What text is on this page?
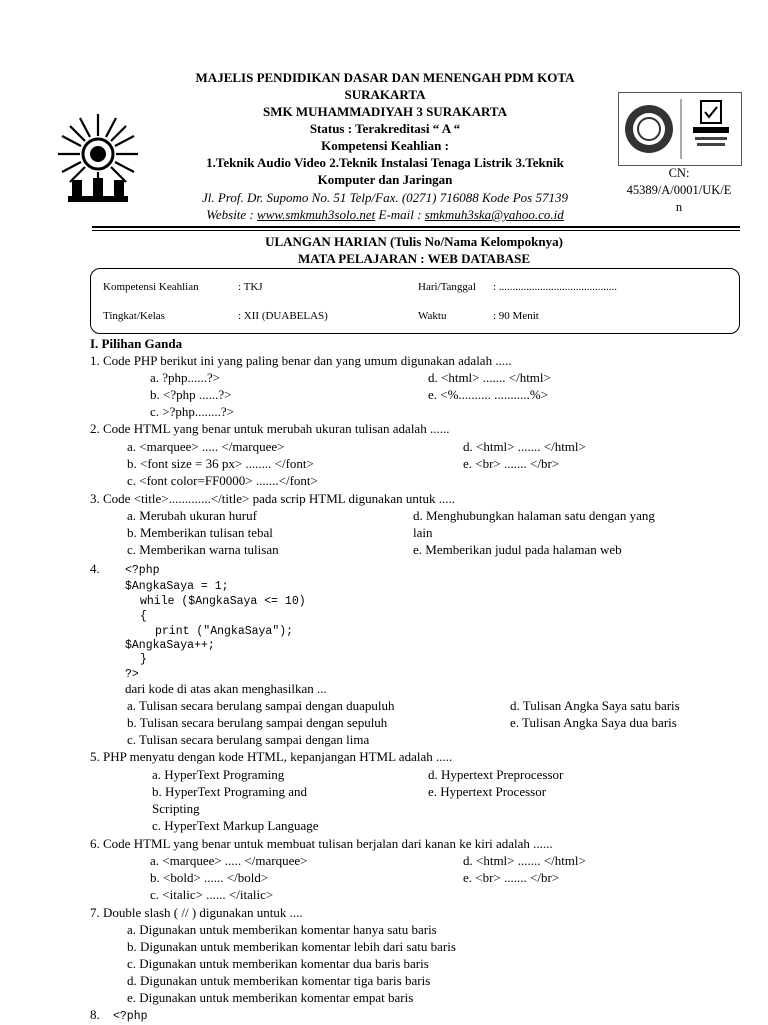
MAJELIS PENDIDIKAN DASAR DAN MENENGAH PDM KOTA
SURAKARTA
SMK MUHAMMADIYAH 3 SURAKARTA
Status : Terakreditasi “ A “
Kompetensi Keahlian :
1.Teknik Audio Video 2.Teknik Instalasi Tenaga Listrik 3.Teknik
Komputer dan Jaringan
Jl. Prof. Dr. Supomo No. 51 Telp/Fax. (0271) 716088 Kode Pos 57139
Website : www.smkmuh3solo.net E-mail : smkmuh3ska@yahoo.co.id
CN:
45389/A/0001/UK/E
n
ULANGAN HARIAN (Tulis No/Nama Kelompoknya)
MATA PELAJARAN : WEB DATABASE
Kompetensi Keahlian	: TKJ	Hari/Tanggal : ...........................................
Tingkat/Kelas	: XII (DUABELAS)	Waktu	: 90 Menit
I. Pilihan Ganda
1. Code PHP berikut ini yang paling benar dan yang umum digunakan adalah .....
a. ?php......?>	d. <html> ....... </html>
b. <?php ......?>	e. <%.......... ...........%>
c. >?php........?>
2. Code HTML yang benar untuk merubah ukuran tulisan adalah ......
a. <marquee> ..... </marquee>	d. <html> ....... </html>
b. <font size = 36 px> ........ </font>	e. <br> ....... </br>
c. <font color=FF0000> .......</font>
3. Code <title>.............</title> pada scrip HTML digunakan untuk .....
a. Merubah ukuran huruf	d. Menghubungkan halaman satu dengan yang
lain
b. Memberikan tulisan tebal
c. Memberikan warna tulisan	e. Memberikan judul pada halaman web
4. <?php
$AngkaSaya = 1;
while ($AngkaSaya <= 10)
{
print ("AngkaSaya");
$AngkaSaya++;
}
?>
dari kode di atas akan menghasilkan ...
a. Tulisan secara berulang sampai dengan duapuluh	d. Tulisan Angka Saya satu baris
b. Tulisan secara berulang sampai dengan sepuluh	e. Tulisan Angka Saya dua baris
c. Tulisan secara berulang sampai dengan lima
5. PHP menyatu dengan kode HTML, kepanjangan HTML adalah .....
a. HyperText Programing	d. Hypertext Preprocessor
b. HyperText Programing and	e. Hypertext Processor
Scripting
c. HyperText Markup Language
6. Code HTML yang benar untuk membuat tulisan berjalan dari kanan ke kiri adalah ......
a. <marquee> ..... </marquee>	d. <html> ....... </html>
b. <bold> ...... </bold>	e. <br> ....... </br>
c. <italic> ...... </italic>
7. Double slash ( // ) digunakan untuk ....
a. Digunakan untuk memberikan komentar hanya satu baris
b. Digunakan untuk memberikan komentar lebih dari satu baris
c. Digunakan untuk memberikan komentar dua baris baris
d. Digunakan untuk memberikan komentar tiga baris baris
e. Digunakan untuk memberikan komentar empat baris
8. <?php
